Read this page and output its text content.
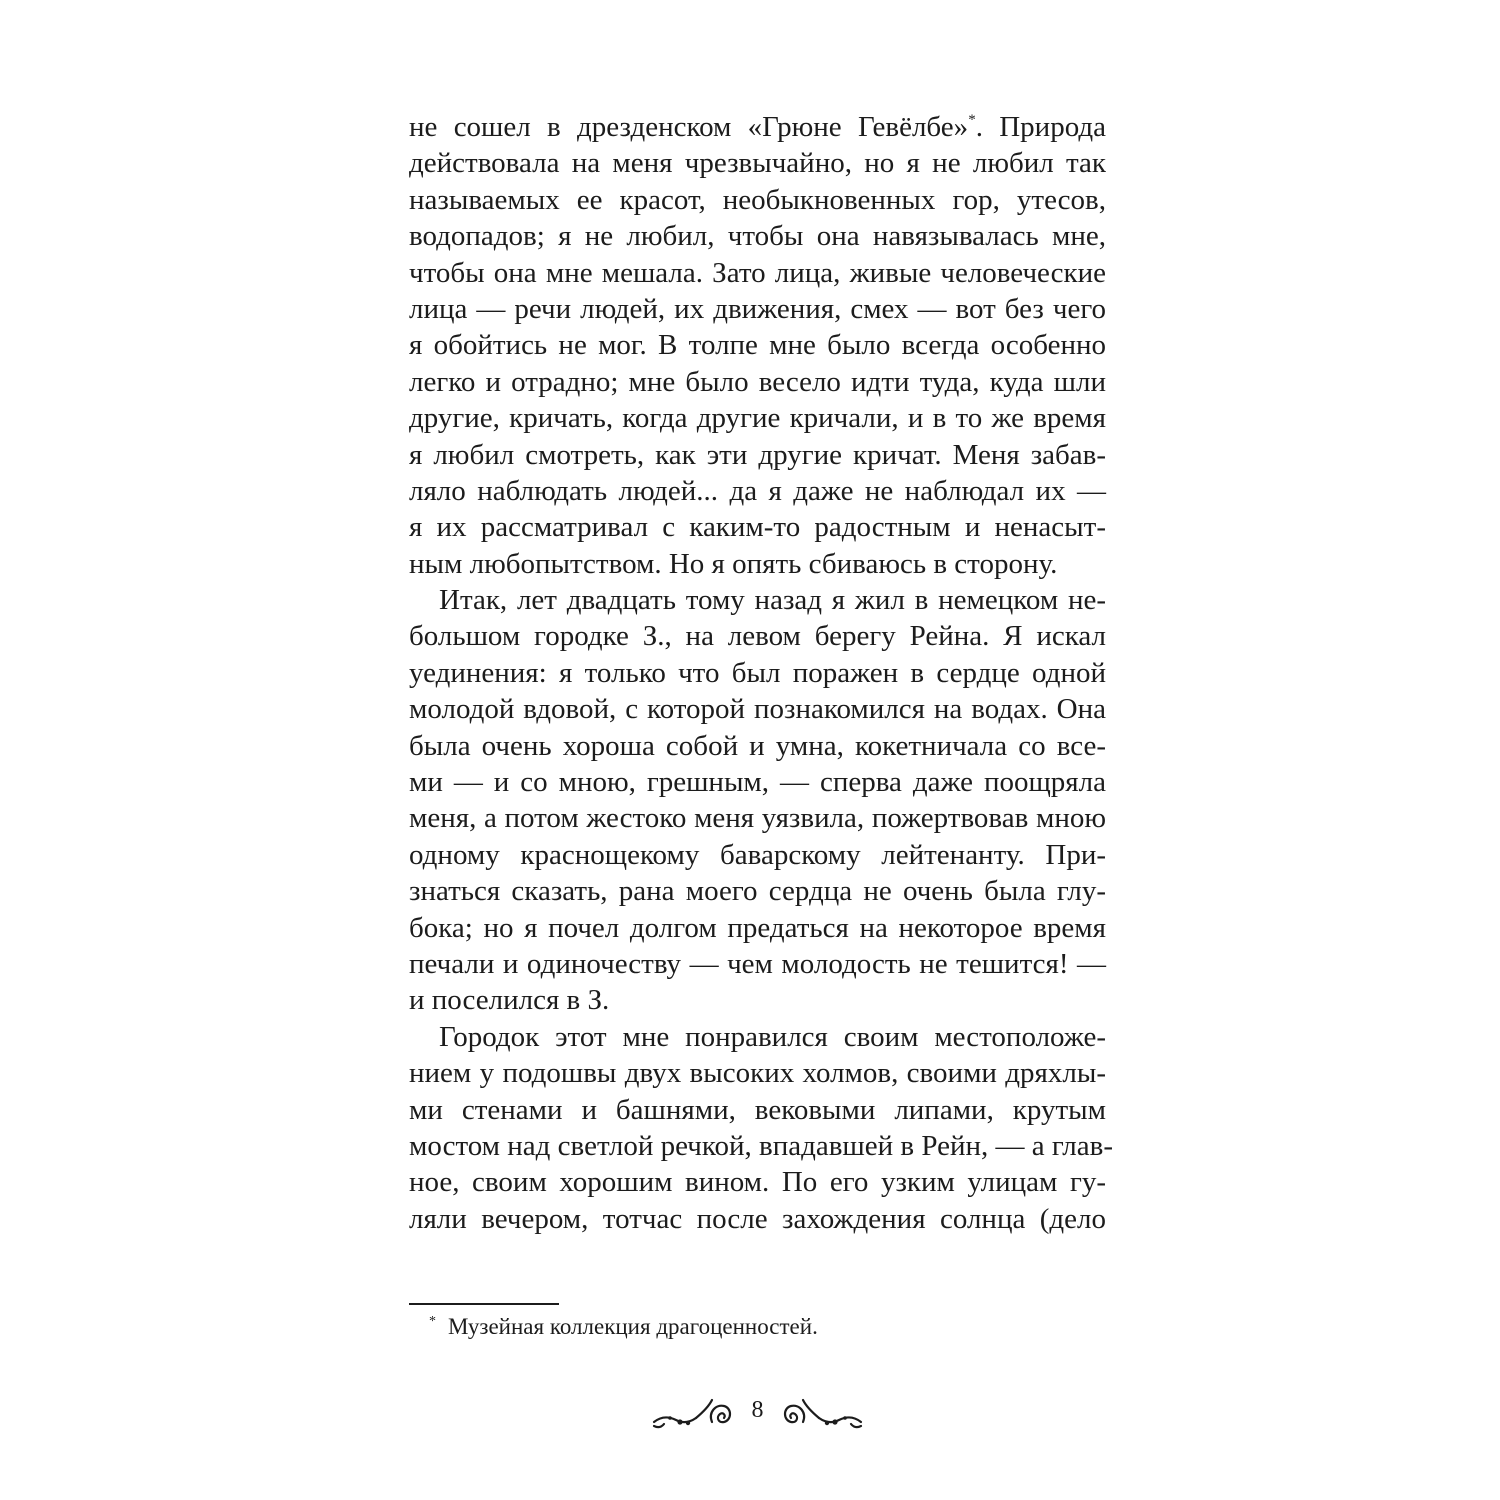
не сошел в дрезденском «Грюне Гевёлбе»*. Природа
действовала на меня чрезвычайно, но я не любил так
называемых ее красот, необыкновенных гор, утесов,
водопадов; я не любил, чтобы она навязывалась мне,
чтобы она мне мешала. Зато лица, живые человеческие
лица — речи людей, их движения, смех — вот без чего
я обойтись не мог. В толпе мне было всегда особенно
легко и отрадно; мне было весело идти туда, куда шли
другие, кричать, когда другие кричали, и в то же время
я любил смотреть, как эти другие кричат. Меня забав-
ляло наблюдать людей... да я даже не наблюдал их —
я их рассматривал с каким-то радостным и ненасыт-
ным любопытством. Но я опять сбиваюсь в сторону.
Итак, лет двадцать тому назад я жил в немецком не-
большом городке З., на левом берегу Рейна. Я искал
уединения: я только что был поражен в сердце одной
молодой вдовой, с которой познакомился на водах. Она
была очень хороша собой и умна, кокетничала со все-
ми — и со мною, грешным, — сперва даже поощряла
меня, а потом жестоко меня уязвила, пожертвовав мною
одному краснощекому баварскому лейтенанту. При-
знаться сказать, рана моего сердца не очень была глу-
бока; но я почел долгом предаться на некоторое время
печали и одиночеству — чем молодость не тешится! —
и поселился в З.
Городок этот мне понравился своим местоположе-
нием у подошвы двух высоких холмов, своими дряхлы-
ми стенами и башнями, вековыми липами, крутым
мостом над светлой речкой, впадавшей в Рейн, — а глав-
ное, своим хорошим вином. По его узким улицам гу-
ляли вечером, тотчас после захождения солнца (дело
* Музейная коллекция драгоценностей.
8
